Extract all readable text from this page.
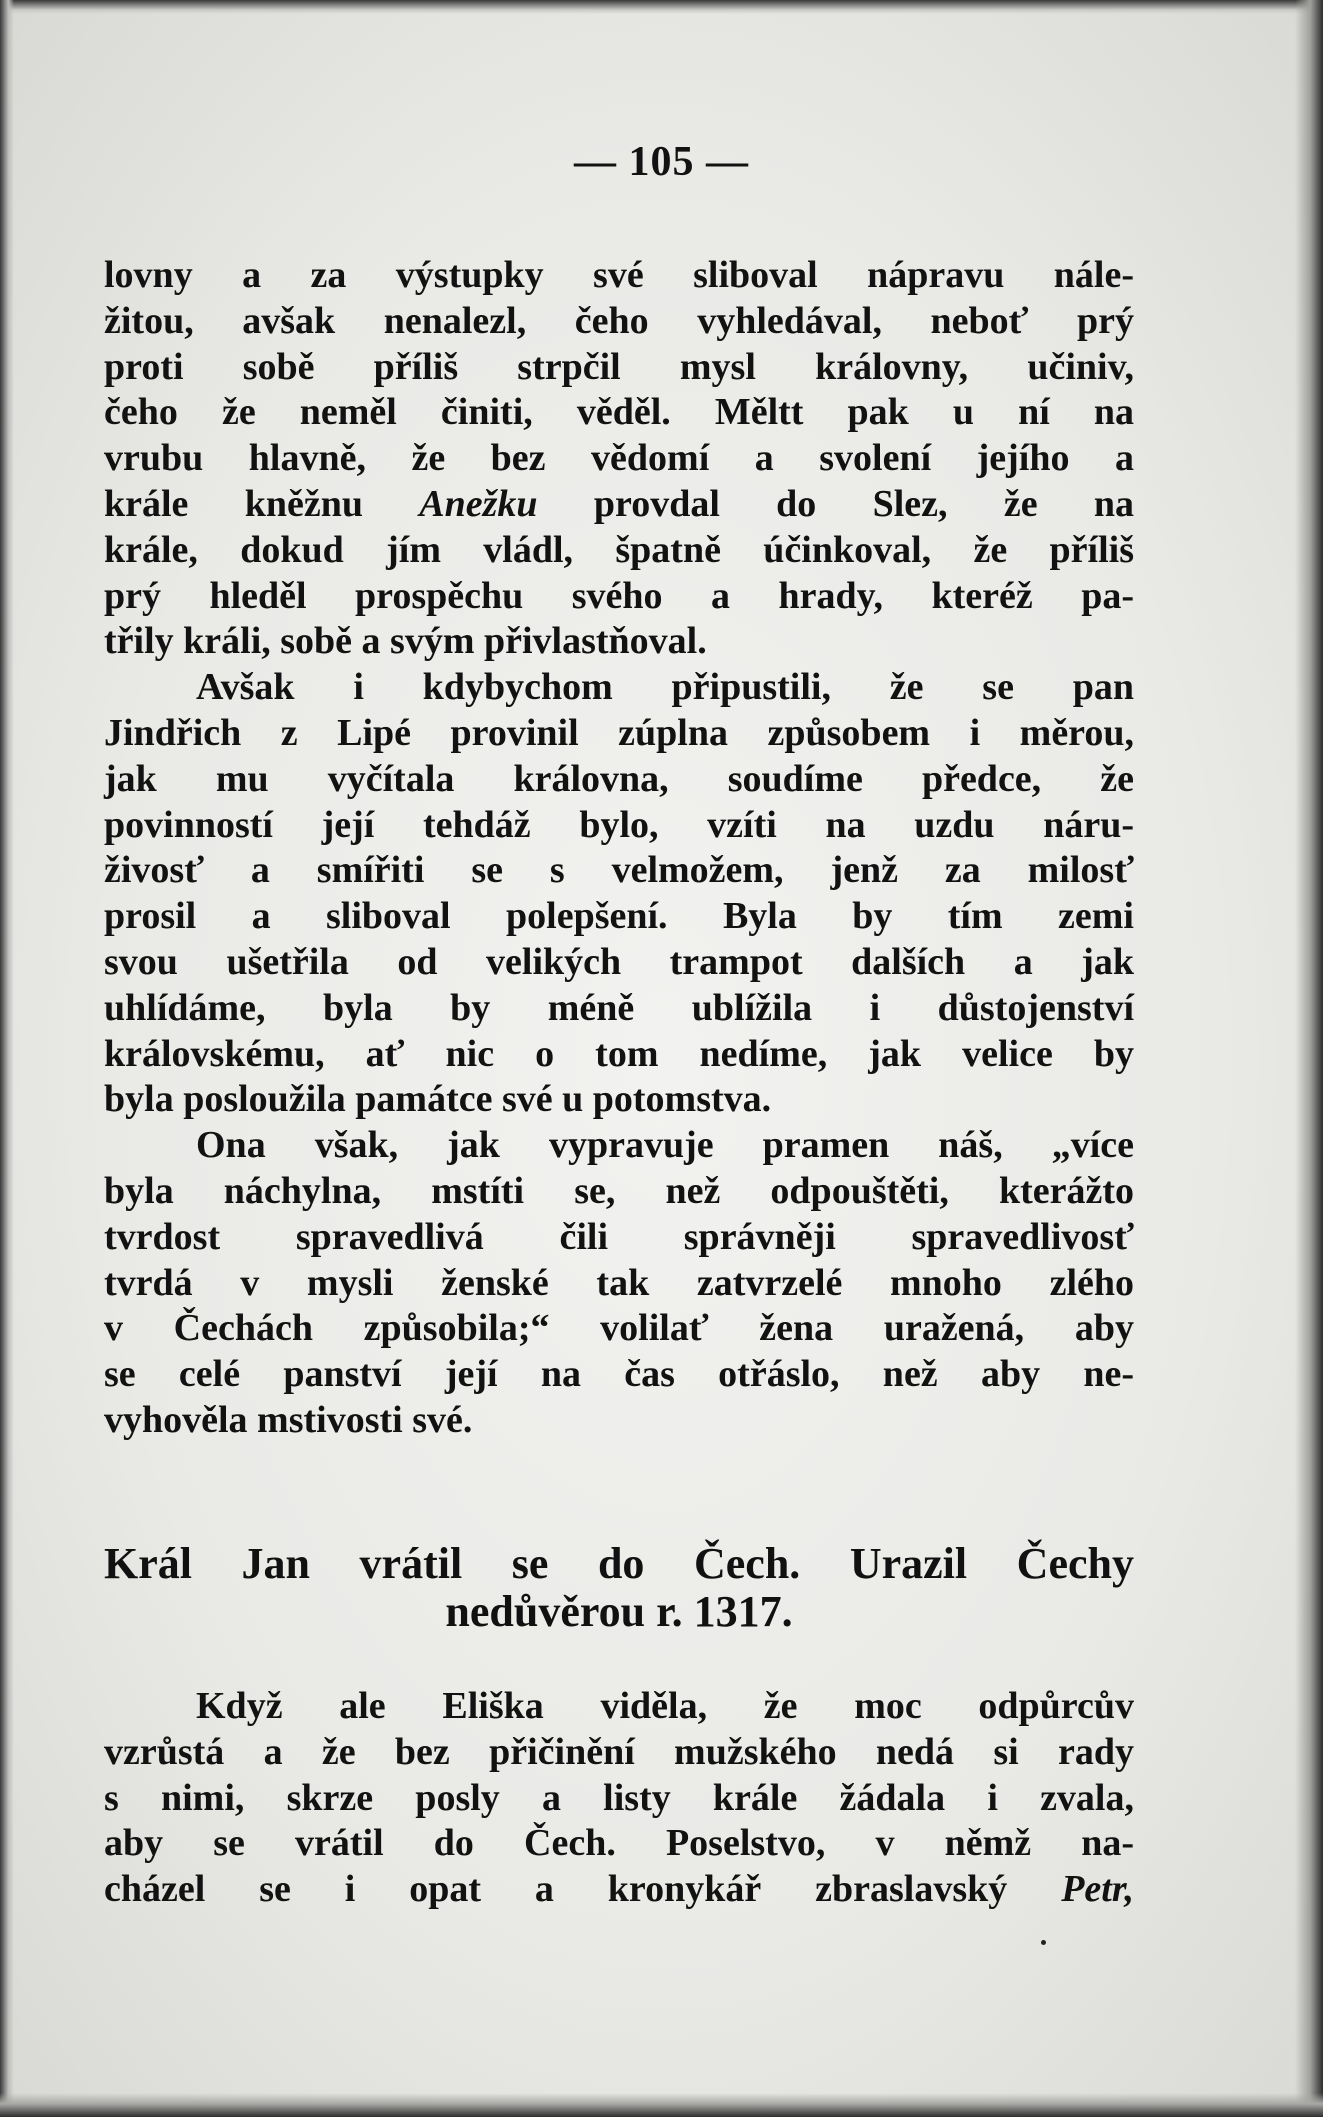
— 105 —
lovny a za výstupky své sliboval nápravu nále-
žitou, avšak nenalezl, čeho vyhledával, neboť prý
proti sobě příliš strpčil mysl královny, učiniv,
čeho že neměl činiti, věděl. Měltt pak u ní na
vrubu hlavně, že bez vědomí a svolení jejího a
krále kněžnu Anežku provdal do Slez, že na
krále, dokud jím vládl, špatně účinkoval, že příliš
prý hleděl prospěchu svého a hrady, kteréž pa-
třily králi, sobě a svým přivlastňoval.
Avšak i kdybychom připustili, že se pan
Jindřich z Lipé provinil zúplna způsobem i měrou,
jak mu vyčítala královna, soudíme předce, že
povinností její tehdáž bylo, vzíti na uzdu náru-
živosť a smířiti se s velmožem, jenž za milosť
prosil a sliboval polepšení. Byla by tím zemi
svou ušetřila od velikých trampot dalších a jak
uhlídáme, byla by méně ublížila i důstojenství
královskému, ať nic o tom nedíme, jak velice by
byla posloužila památce své u potomstva.
Ona však, jak vypravuje pramen náš, „více
byla náchylna, mstíti se, než odpouštěti, kterážto
tvrdost spravedlivá čili správněji spravedlivosť
tvrdá v mysli ženské tak zatvrzelé mnoho zlého
v Čechách způsobila;“ volilať žena uražená, aby
se celé panství její na čas otřáslo, než aby ne-
vyhověla mstivosti své.
Král Jan vrátil se do Čech. Urazil Čechy
nedůvěrou r. 1317.
Když ale Eliška viděla, že moc odpůrcův
vzrůstá a že bez přičinění mužského nedá si rady
s nimi, skrze posly a listy krále žádala i zvala,
aby se vrátil do Čech. Poselstvo, v němž na-
cházel se i opat a kronykář zbraslavský Petr,
